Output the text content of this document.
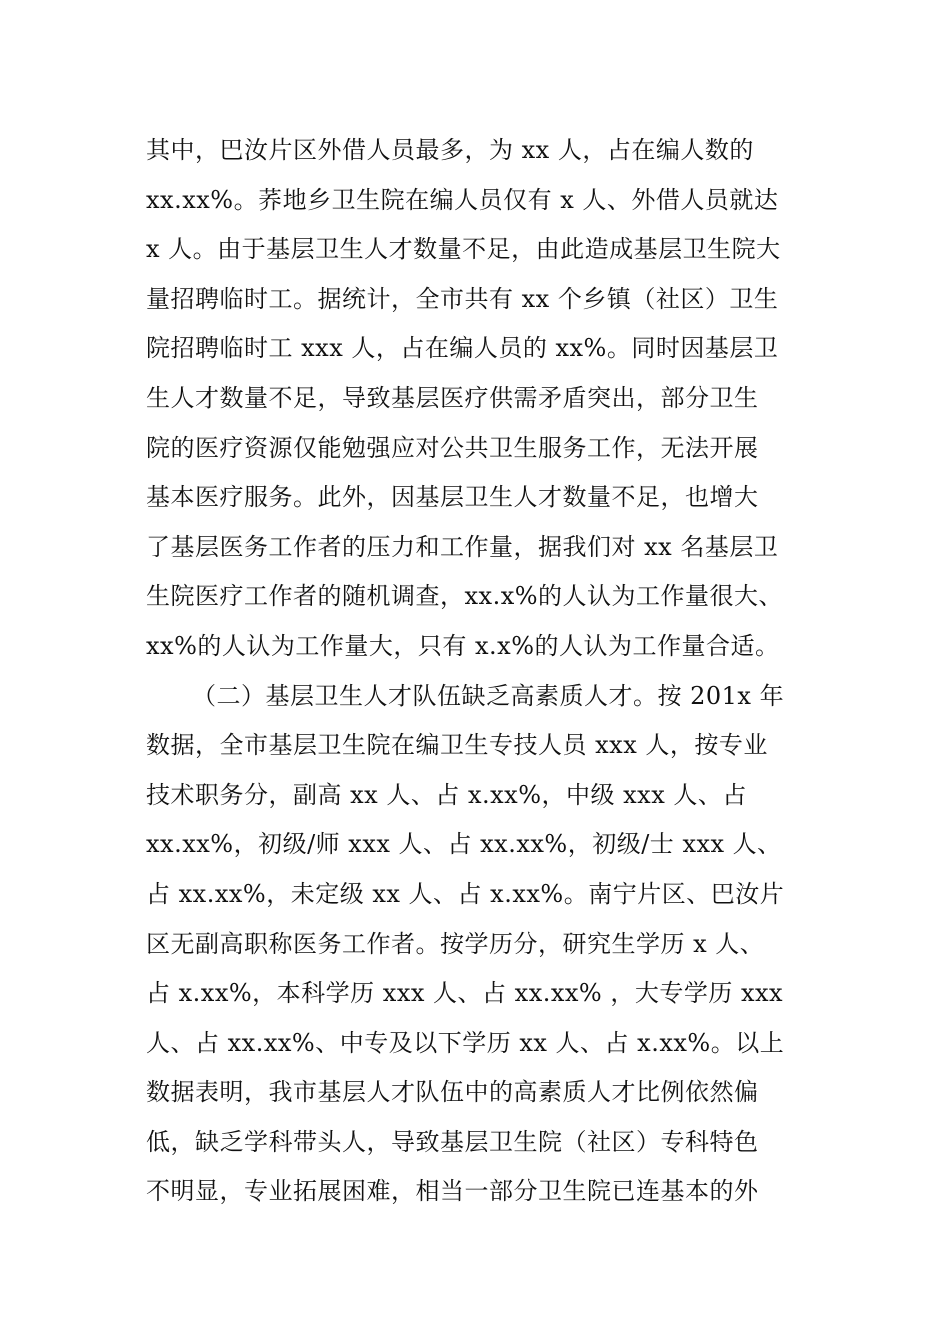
其中，巴汝片区外借人员最多，为 xx 人，占在编人数的
xx.xx%。荞地乡卫生院在编人员仅有 x 人、外借人员就达
x 人。由于基层卫生人才数量不足，由此造成基层卫生院大
量招聘临时工。据统计，全市共有 xx 个乡镇（社区）卫生
院招聘临时工 xxx 人，占在编人员的 xx%。同时因基层卫
生人才数量不足，导致基层医疗供需矛盾突出，部分卫生
院的医疗资源仅能勉强应对公共卫生服务工作，无法开展
基本医疗服务。此外，因基层卫生人才数量不足，也增大
了基层医务工作者的压力和工作量，据我们对 xx 名基层卫
生院医疗工作者的随机调查，xx.x%的人认为工作量很大、
xx%的人认为工作量大，只有 x.x%的人认为工作量合适。
（二）基层卫生人才队伍缺乏高素质人才。按 201x 年
数据，全市基层卫生院在编卫生专技人员 xxx 人，按专业
技术职务分，副高 xx 人、占 x.xx%，中级 xxx 人、占
xx.xx%，初级/师 xxx 人、占 xx.xx%，初级/士 xxx 人、
占 xx.xx%，未定级 xx 人、占 x.xx%。南宁片区、巴汝片
区无副高职称医务工作者。按学历分，研究生学历 x 人、
占 x.xx%，本科学历 xxx 人、占 xx.xx% ，大专学历 xxx
人、占 xx.xx%、中专及以下学历 xx 人、占 x.xx%。以上
数据表明，我市基层人才队伍中的高素质人才比例依然偏
低，缺乏学科带头人，导致基层卫生院（社区）专科特色
不明显，专业拓展困难，相当一部分卫生院已连基本的外
